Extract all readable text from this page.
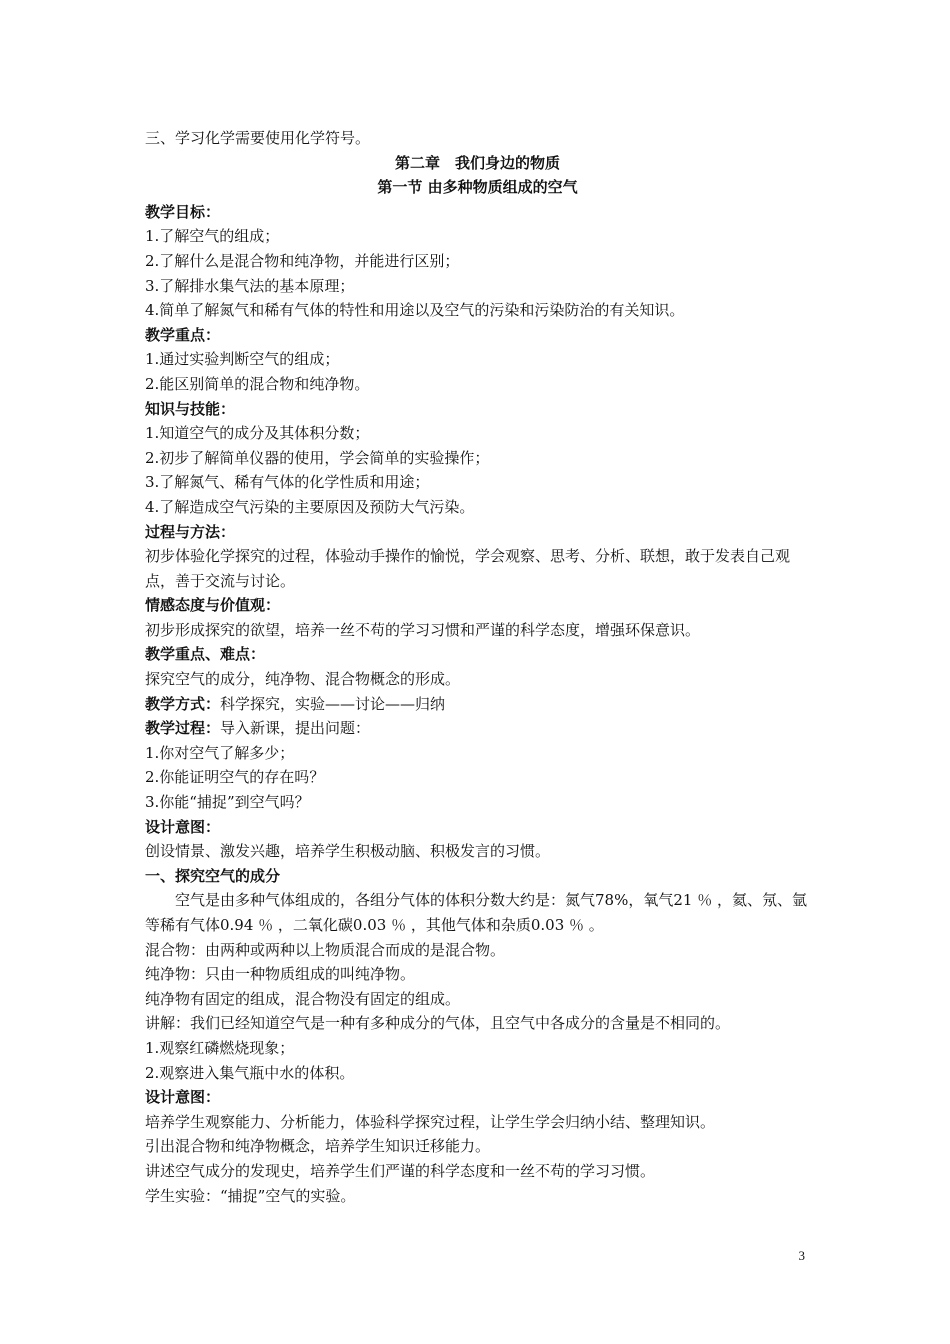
三、学习化学需要使用化学符号。
第二章　我们身边的物质
第一节 由多种物质组成的空气
教学目标：
1.了解空气的组成；
2.了解什么是混合物和纯净物，并能进行区别；
3.了解排水集气法的基本原理；
4.简单了解氮气和稀有气体的特性和用途以及空气的污染和污染防治的有关知识。
教学重点：
1.通过实验判断空气的组成；
2.能区别简单的混合物和纯净物。
知识与技能：
1.知道空气的成分及其体积分数；
2.初步了解简单仪器的使用，学会简单的实验操作；
3.了解氮气、稀有气体的化学性质和用途；
4.了解造成空气污染的主要原因及预防大气污染。
过程与方法：
初步体验化学探究的过程，体验动手操作的愉悦，学会观察、思考、分析、联想，敢于发表自己观点，善于交流与讨论。
情感态度与价值观：
初步形成探究的欲望，培养一丝不苟的学习习惯和严谨的科学态度，增强环保意识。
教学重点、难点：
探究空气的成分，纯净物、混合物概念的形成。
教学方式：科学探究，实验——讨论——归纳
教学过程：导入新课，提出问题：
1.你对空气了解多少；
2.你能证明空气的存在吗？
3.你能“捕捉”到空气吗？
设计意图：
创设情景、激发兴趣，培养学生积极动脑、积极发言的习惯。
一、探究空气的成分
空气是由多种气体组成的，各组分气体的体积分数大约是：氮气78%，氧气21 ％ ，氦、氖、氩等稀有气体0.94 ％ ，二氧化碳0.03 ％ ，其他气体和杂质0.03 ％ 。
混合物：由两种或两种以上物质混合而成的是混合物。
纯净物：只由一种物质组成的叫纯净物。
纯净物有固定的组成，混合物没有固定的组成。
讲解：我们已经知道空气是一种有多种成分的气体，且空气中各成分的含量是不相同的。
1.观察红磷燃烧现象；
2.观察进入集气瓶中水的体积。
设计意图：
培养学生观察能力、分析能力，体验科学探究过程，让学生学会归纳小结、整理知识。
引出混合物和纯净物概念，培养学生知识迁移能力。
讲述空气成分的发现史，培养学生们严谨的科学态度和一丝不苟的学习习惯。
学生实验：“捕捉”空气的实验。
3
